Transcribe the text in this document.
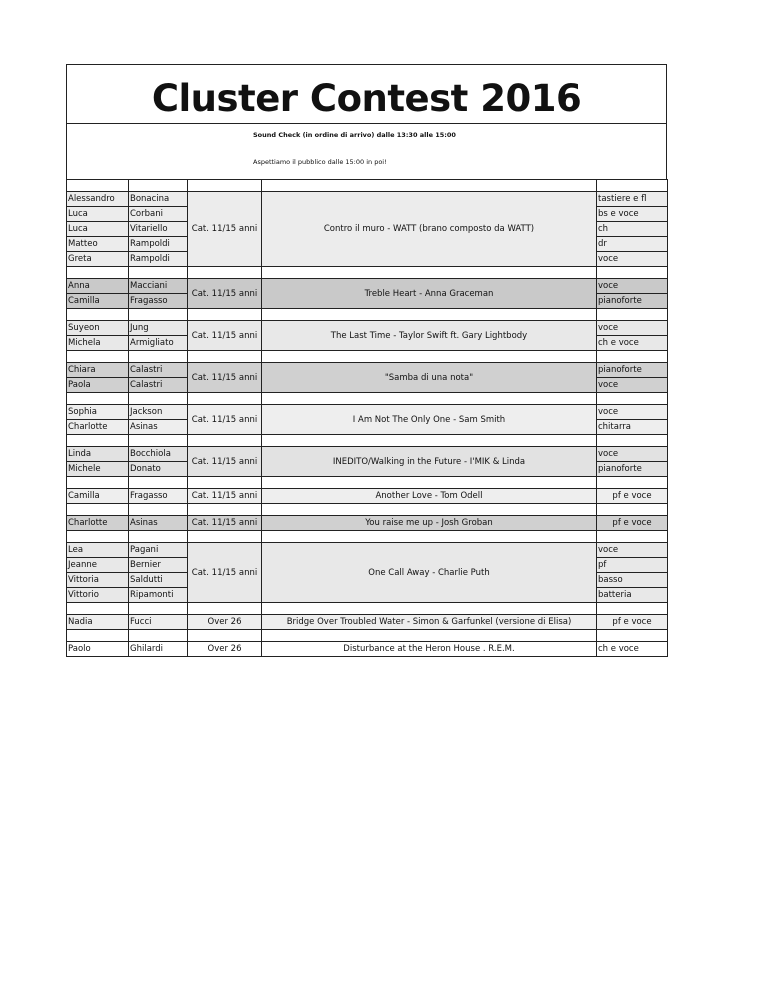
Cluster Contest 2016
Sound Check (in ordine di arrivo) dalle 13:30 alle 15:00
Aspettiamo il pubblico dalle 15:00 in poi!

Alessandro	Bonacina	Cat. 11/15 anni	Contro il muro - WATT (brano composto da WATT)	tastiere e fl
Luca	Corbani			bs e voce
Luca	Vitariello			ch
Matteo	Rampoldi			dr
Greta	Rampoldi			voce

Anna	Macciani	Cat. 11/15 anni	Treble Heart - Anna Graceman	voce
Camilla	Fragasso			pianoforte

Suyeon	Jung	Cat. 11/15 anni	The Last Time - Taylor Swift ft. Gary Lightbody	voce
Michela	Armigliato			ch e voce

Chiara	Calastri	Cat. 11/15 anni	"Samba di una nota"	pianoforte
Paola	Calastri			voce

Sophia	Jackson	Cat. 11/15 anni	I Am Not The Only One - Sam Smith	voce
Charlotte	Asinas			chitarra

Linda	Bocchiola	Cat. 11/15 anni	INEDITO/Walking in the Future - I'MIK & Linda	voce
Michele	Donato			pianoforte

Camilla	Fragasso	Cat. 11/15 anni	Another Love - Tom Odell	pf e voce

Charlotte	Asinas	Cat. 11/15 anni	You raise me up - Josh Groban	pf e voce

Lea	Pagani	Cat. 11/15 anni	One Call Away - Charlie Puth	voce
Jeanne	Bernier			pf
Vittoria	Saldutti			basso
Vittorio	Ripamonti			batteria

Nadia	Fucci	Over 26	Bridge Over Troubled Water - Simon & Garfunkel (versione di Elisa)	pf e voce

Paolo	Ghilardi	Over 26	Disturbance at the Heron House . R.E.M.	ch e voce
